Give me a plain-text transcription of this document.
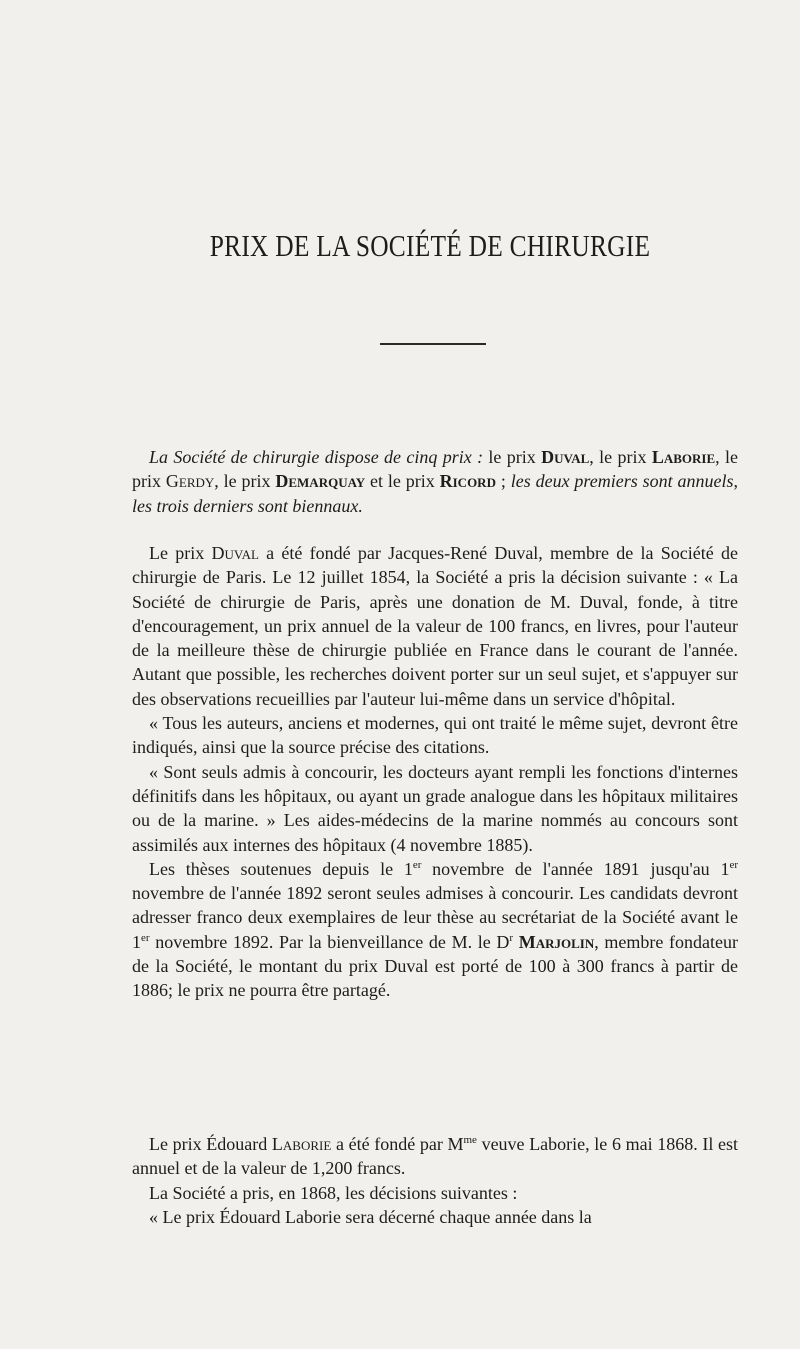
PRIX DE LA SOCIÉTÉ DE CHIRURGIE

La Société de chirurgie dispose de cinq prix : le prix Duval, le prix Laborie, le prix Gerdy, le prix Demarquay et le prix Ricord ; les deux premiers sont annuels, les trois derniers sont biennaux.

Le prix Duval a été fondé par Jacques-René Duval, membre de la Société de chirurgie de Paris. Le 12 juillet 1854, la Société a pris la décision suivante : « La Société de chirurgie de Paris, après une donation de M. Duval, fonde, à titre d'encouragement, un prix annuel de la valeur de 100 francs, en livres, pour l'auteur de la meilleure thèse de chirurgie publiée en France dans le courant de l'année. Autant que possible, les recherches doivent porter sur un seul sujet, et s'appuyer sur des observations recueillies par l'auteur lui-même dans un service d'hôpital.

« Tous les auteurs, anciens et modernes, qui ont traité le même sujet, devront être indiqués, ainsi que la source précise des citations.

« Sont seuls admis à concourir, les docteurs ayant rempli les fonctions d'internes définitifs dans les hôpitaux, ou ayant un grade analogue dans les hôpitaux militaires ou de la marine. » Les aides-médecins de la marine nommés au concours sont assimilés aux internes des hôpitaux (4 novembre 1885).

Les thèses soutenues depuis le 1er novembre de l'année 1891 jusqu'au 1er novembre de l'année 1892 seront seules admises à concourir. Les candidats devront adresser franco deux exemplaires de leur thèse au secrétariat de la Société avant le 1er novembre 1892. Par la bienveillance de M. le $D^r$ Marjolin, membre fondateur de la Société, le montant du prix Duval est porté de 100 à 300 francs à partir de 1886; le prix ne pourra être partagé.

Le prix Édouard Laborie a été fondé par $M^{me}$ veuve Laborie, le 6 mai 1868. Il est annuel et de la valeur de 1,200 francs.

La Société a pris, en 1868, les décisions suivantes :

« Le prix Édouard Laborie sera décerné chaque année dans la
